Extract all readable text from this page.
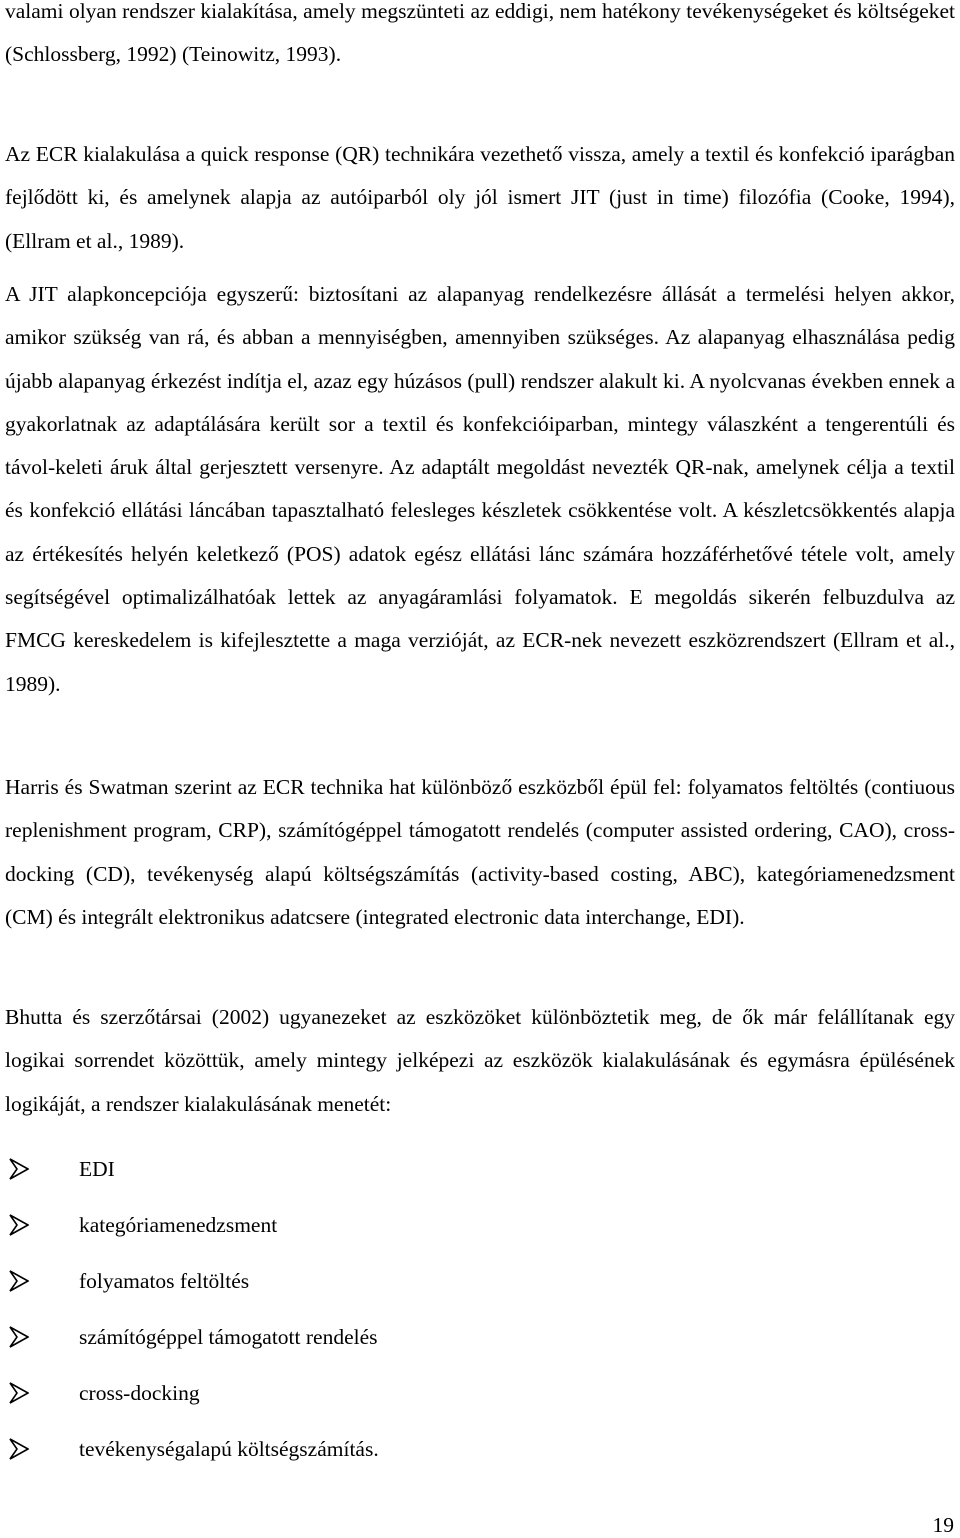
valami olyan rendszer kialakítása, amely megszünteti az eddigi, nem hatékony tevékenységeket és költségeket (Schlossberg, 1992) (Teinowitz, 1993).

Az ECR kialakulása a quick response (QR) technikára vezethető vissza, amely a textil és konfekció iparágban fejlődött ki, és amelynek alapja az autóiparból oly jól ismert JIT (just in time) filozófia (Cooke, 1994), (Ellram et al., 1989).

A JIT alapkoncepciója egyszerű: biztosítani az alapanyag rendelkezésre állását a termelési helyen akkor, amikor szükség van rá, és abban a mennyiségben, amennyiben szükséges. Az alapanyag elhasználása pedig újabb alapanyag érkezést indítja el, azaz egy húzásos (pull) rendszer alakult ki. A nyolcvanas években ennek a gyakorlatnak az adaptálására került sor a textil és konfekcióiparban, mintegy válaszként a tengerentúli és távol-keleti áruk által gerjesztett versenyre. Az adaptált megoldást nevezték QR-nak, amelynek célja a textil és konfekció ellátási láncában tapasztalható felesleges készletek csökkentése volt. A készletcsökkentés alapja az értékesítés helyén keletkező (POS) adatok egész ellátási lánc számára hozzáférhetővé tétele volt, amely segítségével optimalizálhatóak lettek az anyagáramlási folyamatok. E megoldás sikerén felbuzdulva az FMCG kereskedelem is kifejlesztette a maga verzióját, az ECR-nek nevezett eszközrendszert (Ellram et al., 1989).

Harris és Swatman szerint az ECR technika hat különböző eszközből épül fel: folyamatos feltöltés (contiuous replenishment program, CRP), számítógéppel támogatott rendelés (computer assisted ordering, CAO), cross-docking (CD), tevékenység alapú költségszámítás (activity-based costing, ABC), kategóriamenedzsment (CM) és integrált elektronikus adatcsere (integrated electronic data interchange, EDI).

Bhutta és szerzőtársai (2002) ugyanezeket az eszközöket különböztetik meg, de ők már felállítanak egy logikai sorrendet közöttük, amely mintegy jelképezi az eszközök kialakulásának és egymásra épülésének logikáját, a rendszer kialakulásának menetét:

EDI
kategóriamenedzsment
folyamatos feltöltés
számítógéppel támogatott rendelés
cross-docking
tevékenységalapú költségszámítás.
19
